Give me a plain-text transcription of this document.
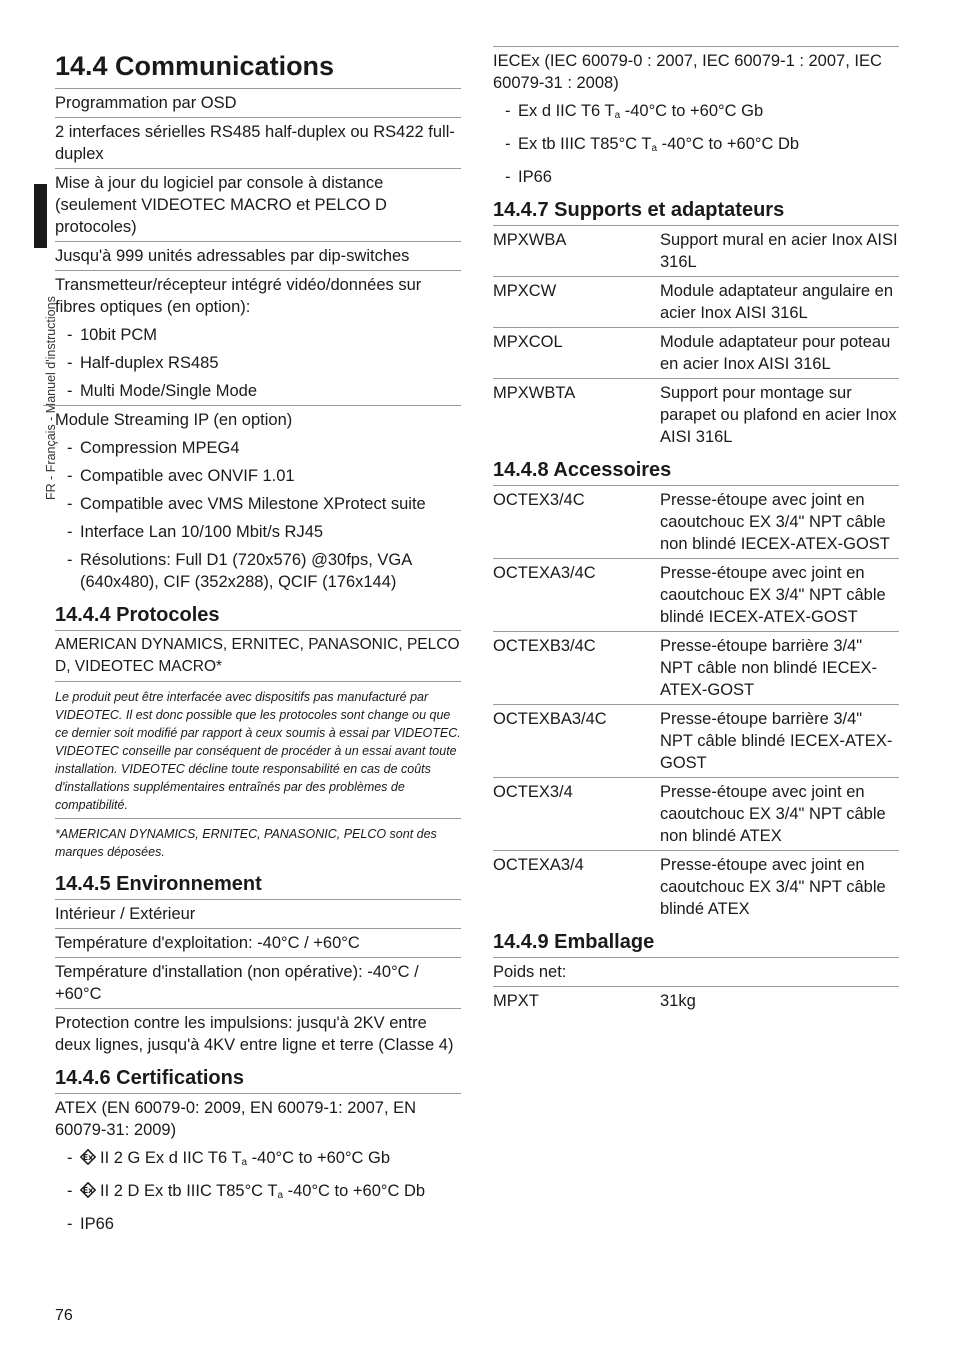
FR - Français - Manuel d'instructions
14.4 Communications
Programmation par OSD
2 interfaces sérielles RS485 half-duplex ou RS422 full-duplex
Mise à jour du logiciel par console à distance (seulement VIDEOTEC MACRO et PELCO D protocoles)
Jusqu'à 999 unités adressables par dip-switches
Transmetteur/récepteur intégré vidéo/données sur fibres optiques (en option):
- 10bit PCM
- Half-duplex RS485
- Multi Mode/Single Mode
Module Streaming IP (en option)
- Compression MPEG4
- Compatible avec ONVIF 1.01
- Compatible avec VMS Milestone XProtect suite
- Interface Lan 10/100 Mbit/s RJ45
- Résolutions: Full D1 (720x576) @30fps, VGA (640x480), CIF (352x288), QCIF (176x144)
14.4.4 Protocoles
AMERICAN DYNAMICS, ERNITEC, PANASONIC, PELCO D, VIDEOTEC MACRO*
Le produit peut être interfacée avec dispositifs pas manufacturé par VIDEOTEC. Il est donc possible que les protocoles sont change ou que ce dernier soit modifié par rapport à ceux soumis à essai par VIDEOTEC. VIDEOTEC conseille par conséquent de procéder à un essai avant toute installation. VIDEOTEC décline toute responsabilité en cas de coûts d'installations supplémentaires entraînés par des problèmes de compatibilité.
*AMERICAN DYNAMICS, ERNITEC, PANASONIC, PELCO sont des marques déposées.
14.4.5 Environnement
Intérieur / Extérieur
Température d'exploitation: -40°C / +60°C
Température d'installation (non opérative): -40°C / +60°C
Protection contre les impulsions: jusqu'à 2KV entre deux lignes, jusqu'à 4KV entre ligne et terre (Classe 4)
14.4.6 Certifications
ATEX (EN 60079-0: 2009, EN 60079-1: 2007, EN 60079-31: 2009)
-	Ex II 2 G Ex d IIC T6 $T_a$ -40°C to +60°C Gb
-	Ex II 2 D Ex tb IIIC T85°C $T_a$ -40°C to +60°C Db
- IP66
IECEx (IEC 60079-0 : 2007, IEC 60079-1 : 2007, IEC 60079-31 : 2008)
- Ex d IIC T6 $T_a$ -40°C to +60°C Gb
- Ex tb IIIC T85°C $T_a$ -40°C to +60°C Db
- IP66
14.4.7 Supports et adaptateurs
MPXWBA	Support mural en acier Inox AISI 316L
MPXCW	Module adaptateur angulaire en acier Inox AISI 316L
MPXCOL	Module adaptateur pour poteau en acier Inox AISI 316L
MPXWBTA	Support pour montage sur parapet ou plafond en acier Inox AISI 316L
14.4.8 Accessoires
OCTEX3/4C	Presse-étoupe avec joint en caoutchouc EX 3/4" NPT câble non blindé IECEX-ATEX-GOST
OCTEXA3/4C	Presse-étoupe avec joint en caoutchouc EX 3/4" NPT câble blindé IECEX-ATEX-GOST
OCTEXB3/4C	Presse-étoupe barrière 3/4" NPT câble non blindé IECEX-ATEX-GOST
OCTEXBA3/4C	Presse-étoupe barrière 3/4" NPT câble blindé IECEX-ATEX-GOST
OCTEX3/4	Presse-étoupe avec joint en caoutchouc EX 3/4" NPT câble non blindé ATEX
OCTEXA3/4	Presse-étoupe avec joint en caoutchouc EX 3/4" NPT câble blindé ATEX
14.4.9 Emballage
Poids net:
MPXT	31kg
76
